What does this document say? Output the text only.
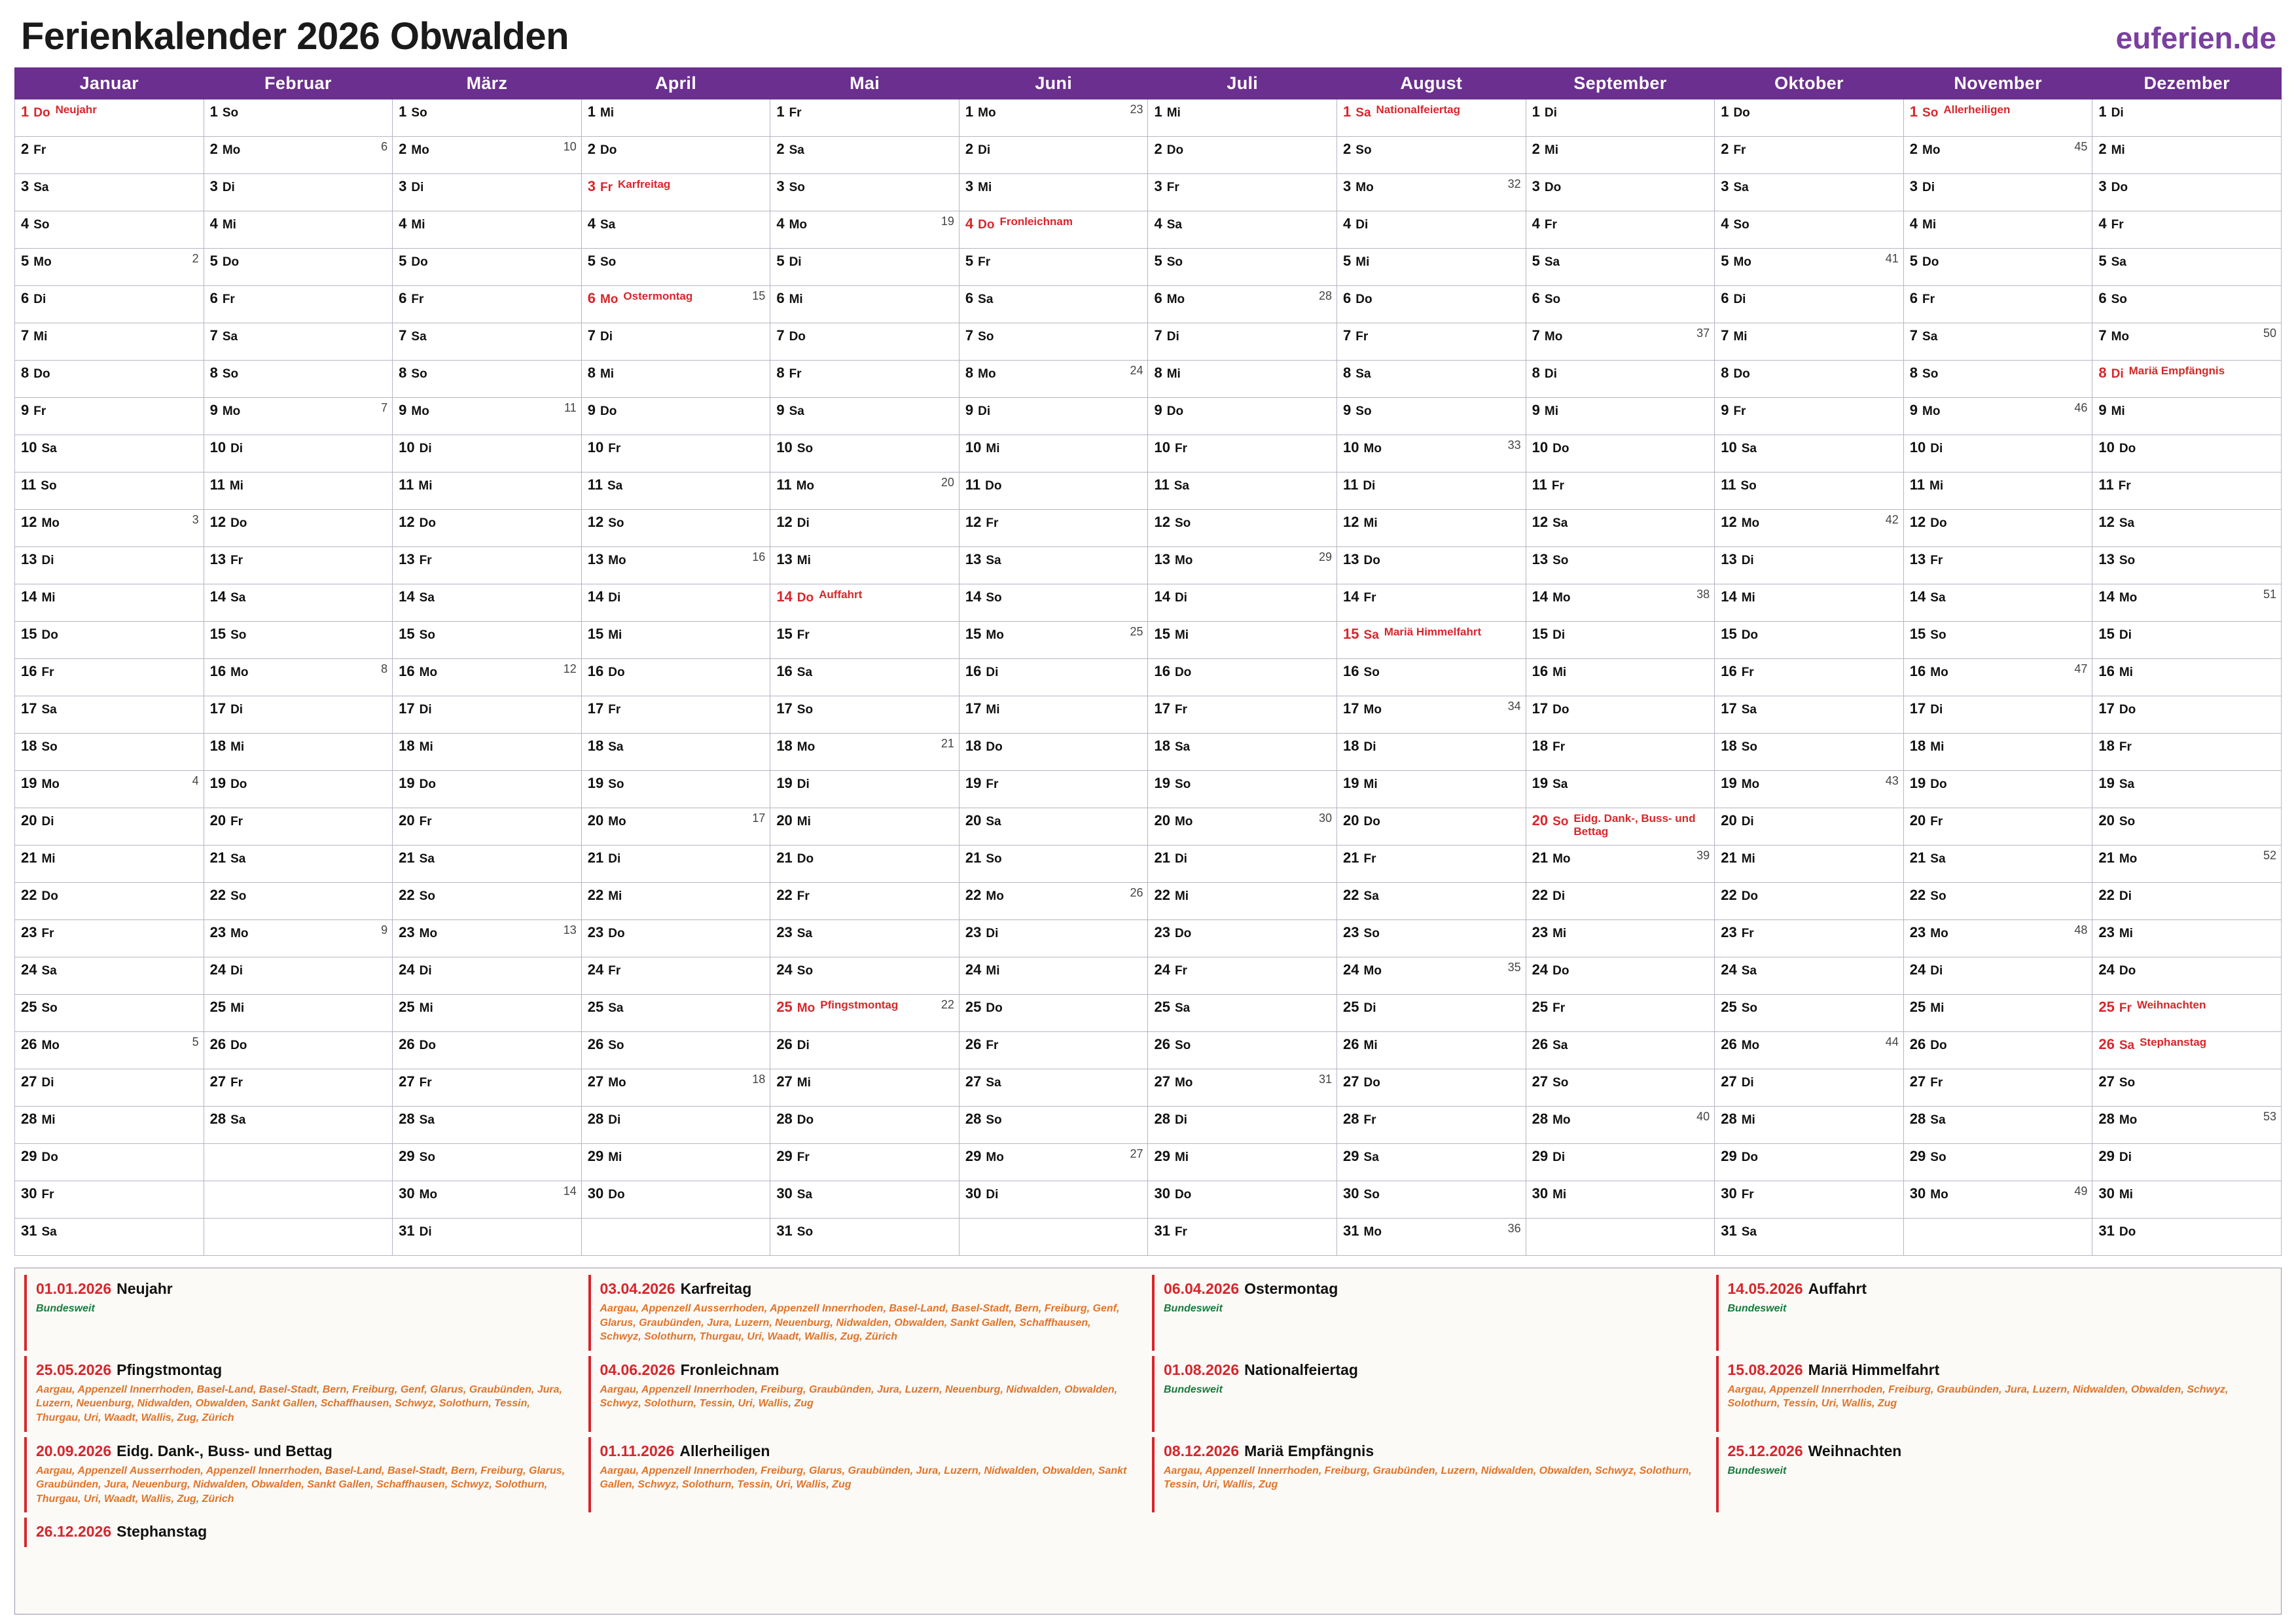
Ferienkalender 2026 Obwalden	euferien.de
Januar	Februar	März	April	Mai	Juni	Juli	August	September	Oktober	November	Dezember

1 Do Neujahr	1 So	1 So	1 Mi	1 Fr	1 Mo 23	1 Mi	1 Sa Nationalfeiertag	1 Di	1 Do	1 So Allerheiligen	1 Di

2 Fr	2 Mo 6	2 Mo 10	2 Do	2 Sa	2 Di	2 Do	2 So	2 Mi	2 Fr	2 Mo 45	2 Mi

3 Sa	3 Di	3 Di	3 Fr Karfreitag	3 So	3 Mi	3 Fr	3 Mo 32	3 Do	3 Sa	3 Di	3 Do

4 So	4 Mi	4 Mi	4 Sa	4 Mo 19	4 Do Fronleichnam	4 Sa	4 Di	4 Fr	4 So	4 Mi	4 Fr

5 Mo 2	5 Do	5 Do	5 So	5 Di	5 Fr	5 So	5 Mi	5 Sa	5 Mo 41	5 Do	5 Sa

6 Di	6 Fr	6 Fr	6 Mo Ostermontag 15	6 Mi	6 Sa	6 Mo 28	6 Do	6 So	6 Di	6 Fr	6 So

7 Mi	7 Sa	7 Sa	7 Di	7 Do	7 So	7 Di	7 Fr	7 Mo 37	7 Mi	7 Sa	7 Mo 50

8 Do	8 So	8 So	8 Mi	8 Fr	8 Mo 24	8 Mi	8 Sa	8 Di	8 Do	8 So	8 Di Mariä Empfängnis

9 Fr	9 Mo 7	9 Mo 11	9 Do	9 Sa	9 Di	9 Do	9 So	9 Mi	9 Fr	9 Mo 46	9 Mi

10 Sa	10 Di	10 Di	10 Fr	10 So	10 Mi	10 Fr	10 Mo 33	10 Do	10 Sa	10 Di	10 Do

11 So	11 Mi	11 Mi	11 Sa	11 Mo 20	11 Do	11 Sa	11 Di	11 Fr	11 So	11 Mi	11 Fr

12 Mo 3	12 Do	12 Do	12 So	12 Di	12 Fr	12 So	12 Mi	12 Sa	12 Mo 42	12 Do	12 Sa

13 Di	13 Fr	13 Fr	13 Mo 16	13 Mi	13 Sa	13 Mo 29	13 Do	13 So	13 Di	13 Fr	13 So

14 Mi	14 Sa	14 Sa	14 Di	14 Do Auffahrt	14 So	14 Di	14 Fr	14 Mo 38	14 Mi	14 Sa	14 Mo 51

15 Do	15 So	15 So	15 Mi	15 Fr	15 Mo 25	15 Mi	15 Sa Mariä Himmelfahrt	15 Di	15 Do	15 So	15 Di

16 Fr	16 Mo 8	16 Mo 12	16 Do	16 Sa	16 Di	16 Do	16 So	16 Mi	16 Fr	16 Mo 47	16 Mi

17 Sa	17 Di	17 Di	17 Fr	17 So	17 Mi	17 Fr	17 Mo 34	17 Do	17 Sa	17 Di	17 Do

18 So	18 Mi	18 Mi	18 Sa	18 Mo 21	18 Do	18 Sa	18 Di	18 Fr	18 So	18 Mi	18 Fr

19 Mo 4	19 Do	19 Do	19 So	19 Di	19 Fr	19 So	19 Mi	19 Sa	19 Mo 43	19 Do	19 Sa

20 Di	20 Fr	20 Fr	20 Mo 17	20 Mi	20 Sa	20 Mo 30	20 Do	20 So Eidg. Dank-, Buss- und Bettag	20 Di	20 Fr	20 So

21 Mi	21 Sa	21 Sa	21 Di	21 Do	21 So	21 Di	21 Fr	21 Mo 39	21 Mi	21 Sa	21 Mo 52

22 Do	22 So	22 So	22 Mi	22 Fr	22 Mo 26	22 Mi	22 Sa	22 Di	22 Do	22 So	22 Di

23 Fr	23 Mo 9	23 Mo 13	23 Do	23 Sa	23 Di	23 Do	23 So	23 Mi	23 Fr	23 Mo 48	23 Mi

24 Sa	24 Di	24 Di	24 Fr	24 So	24 Mi	24 Fr	24 Mo 35	24 Do	24 Sa	24 Di	24 Do

25 So	25 Mi	25 Mi	25 Sa	25 Mo Pfingstmontag 22	25 Do	25 Sa	25 Di	25 Fr	25 So	25 Mi	25 Fr Weihnachten

26 Mo 5	26 Do	26 Do	26 So	26 Di	26 Fr	26 So	26 Mi	26 Sa	26 Mo 44	26 Do	26 Sa Stephanstag

27 Di	27 Fr	27 Fr	27 Mo 18	27 Mi	27 Sa	27 Mo 31	27 Do	27 So	27 Di	27 Fr	27 So

28 Mi	28 Sa	28 Sa	28 Di	28 Do	28 So	28 Di	28 Fr	28 Mo 40	28 Mi	28 Sa	28 Mo 53

29 Do		29 So	29 Mi	29 Fr	29 Mo 27	29 Mi	29 Sa	29 Di	29 Do	29 So	29 Di

30 Fr		30 Mo 14	30 Do	30 Sa	30 Di	30 Do	30 So	30 Mi	30 Fr	30 Mo 49	30 Mi

31 Sa		31 Di		31 So		31 Fr	31 Mo 36		31 Sa		31 Do
01.01.2026 Neujahr
Bundesweit
03.04.2026 Karfreitag
Aargau, Appenzell Ausserrhoden, Appenzell Innerrhoden, Basel-Land, Basel-Stadt, Bern, Freiburg, Genf, Glarus, Graubünden, Jura, Luzern, Neuenburg, Nidwalden, Obwalden, Sankt Gallen, Schaffhausen, Schwyz, Solothurn, Thurgau, Uri, Waadt, Wallis, Zug, Zürich
06.04.2026 Ostermontag
Bundesweit
14.05.2026 Auffahrt
Bundesweit
25.05.2026 Pfingstmontag
Aargau, Appenzell Innerrhoden, Basel-Land, Basel-Stadt, Bern, Freiburg, Genf, Glarus, Graubünden, Jura, Luzern, Neuenburg, Nidwalden, Obwalden, Sankt Gallen, Schaffhausen, Schwyz, Solothurn, Tessin, Thurgau, Uri, Waadt, Wallis, Zug, Zürich
04.06.2026 Fronleichnam
Aargau, Appenzell Innerrhoden, Freiburg, Graubünden, Jura, Luzern, Neuenburg, Nidwalden, Obwalden, Schwyz, Solothurn, Tessin, Uri, Wallis, Zug
01.08.2026 Nationalfeiertag
Bundesweit
15.08.2026 Mariä Himmelfahrt
Aargau, Appenzell Innerrhoden, Freiburg, Graubünden, Jura, Luzern, Nidwalden, Obwalden, Schwyz, Solothurn, Tessin, Uri, Wallis, Zug
20.09.2026 Eidg. Dank-, Buss- und Bettag
Aargau, Appenzell Ausserrhoden, Appenzell Innerrhoden, Basel-Land, Basel-Stadt, Bern, Freiburg, Glarus, Graubünden, Jura, Neuenburg, Nidwalden, Obwalden, Sankt Gallen, Schaffhausen, Schwyz, Solothurn, Thurgau, Uri, Waadt, Wallis, Zug, Zürich
01.11.2026 Allerheiligen
Aargau, Appenzell Innerrhoden, Freiburg, Glarus, Graubünden, Jura, Luzern, Nidwalden, Obwalden, Sankt Gallen, Schwyz, Solothurn, Tessin, Uri, Wallis, Zug
08.12.2026 Mariä Empfängnis
Aargau, Appenzell Innerrhoden, Freiburg, Graubünden, Luzern, Nidwalden, Obwalden, Schwyz, Solothurn, Tessin, Uri, Wallis, Zug
25.12.2026 Weihnachten
Bundesweit
26.12.2026 Stephanstag
